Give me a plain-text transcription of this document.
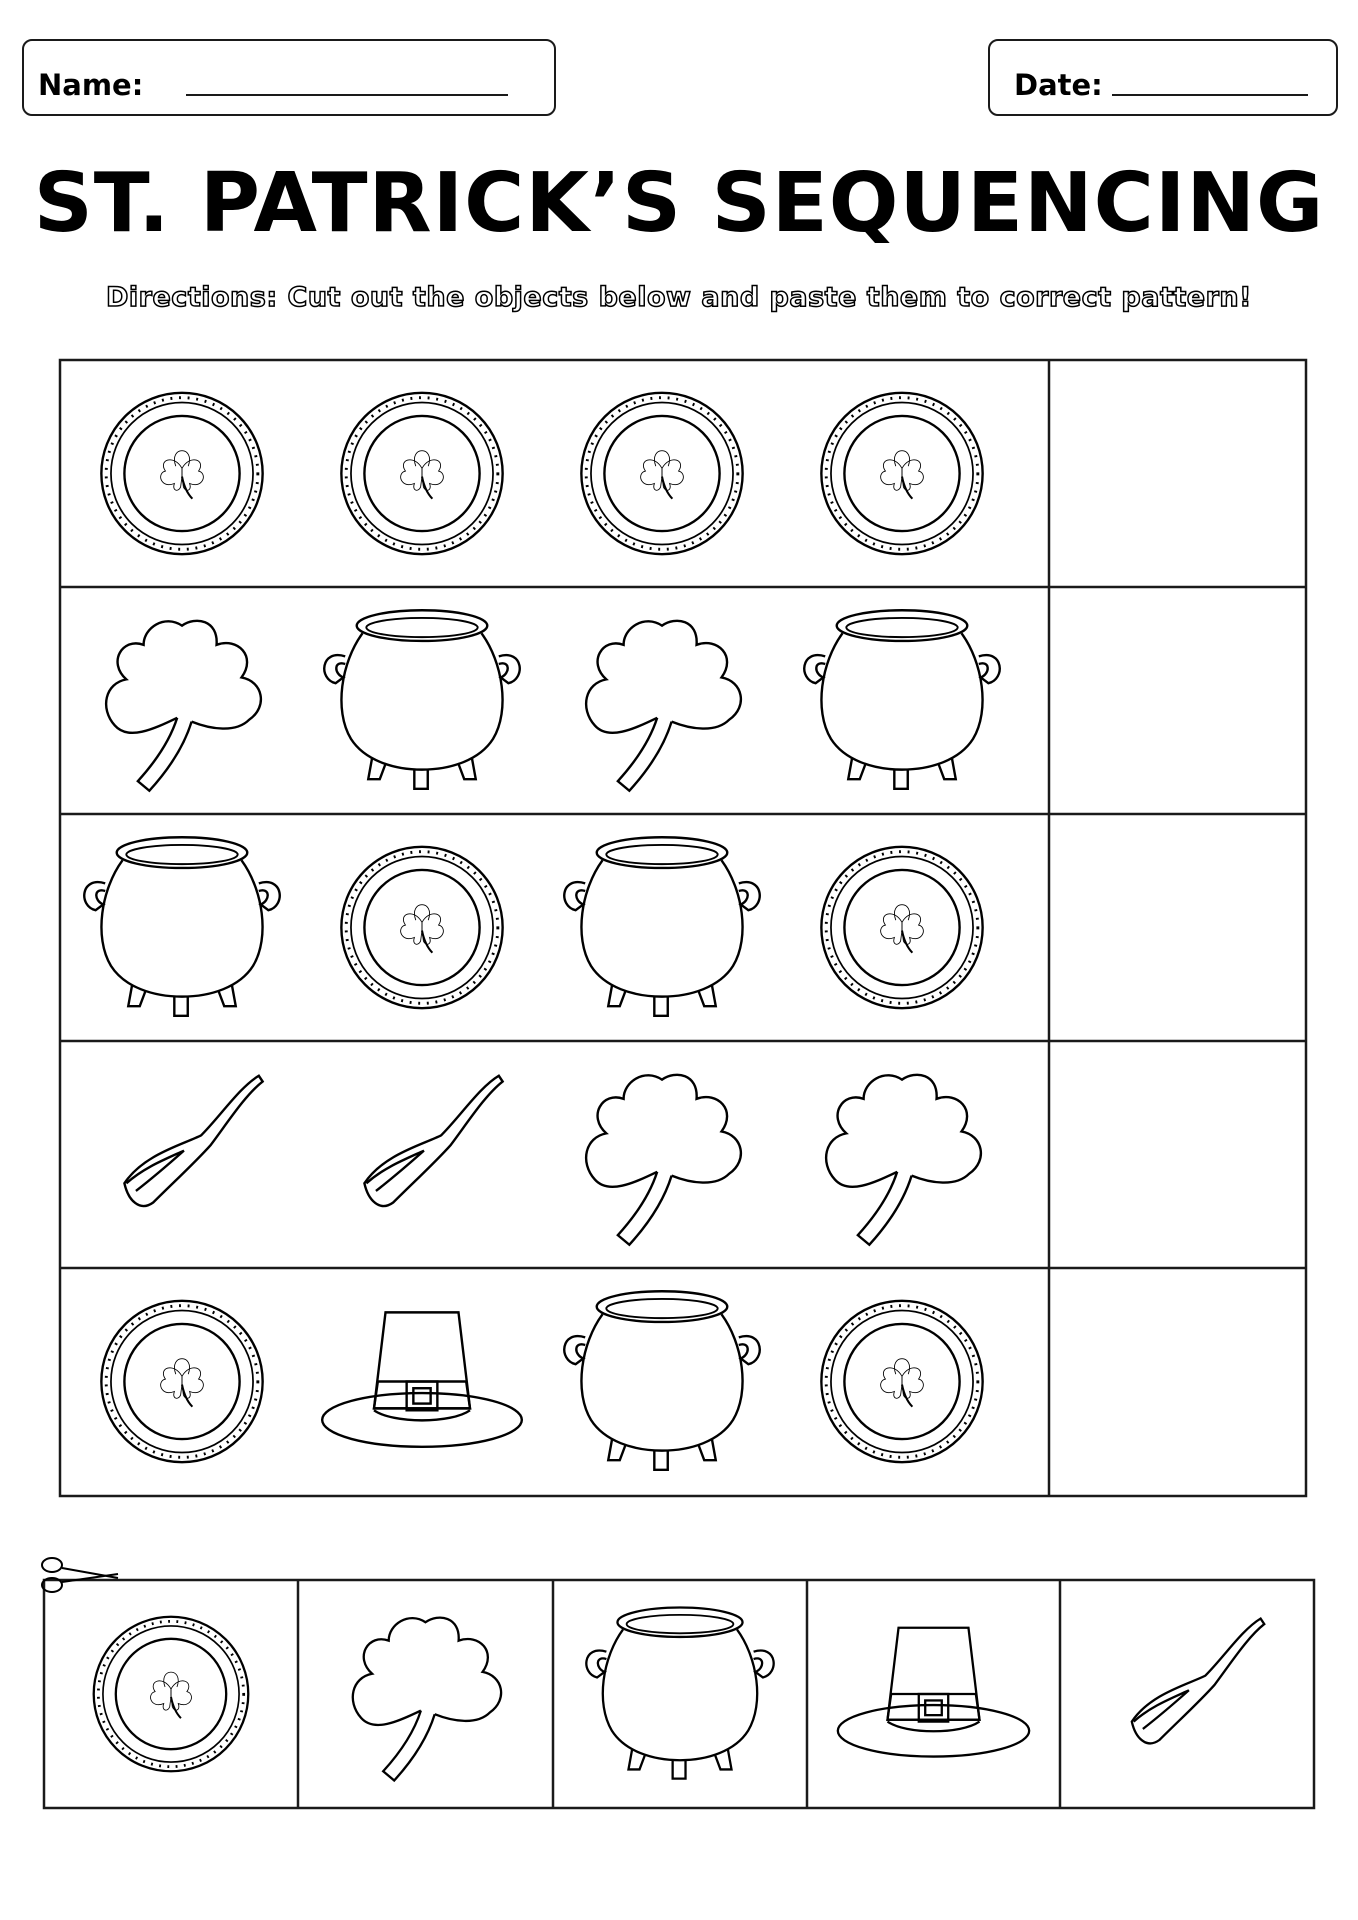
Name:	Date:
ST. PATRICK’S SEQUENCING
Directions: Cut out the objects below and paste them to correct pattern!
